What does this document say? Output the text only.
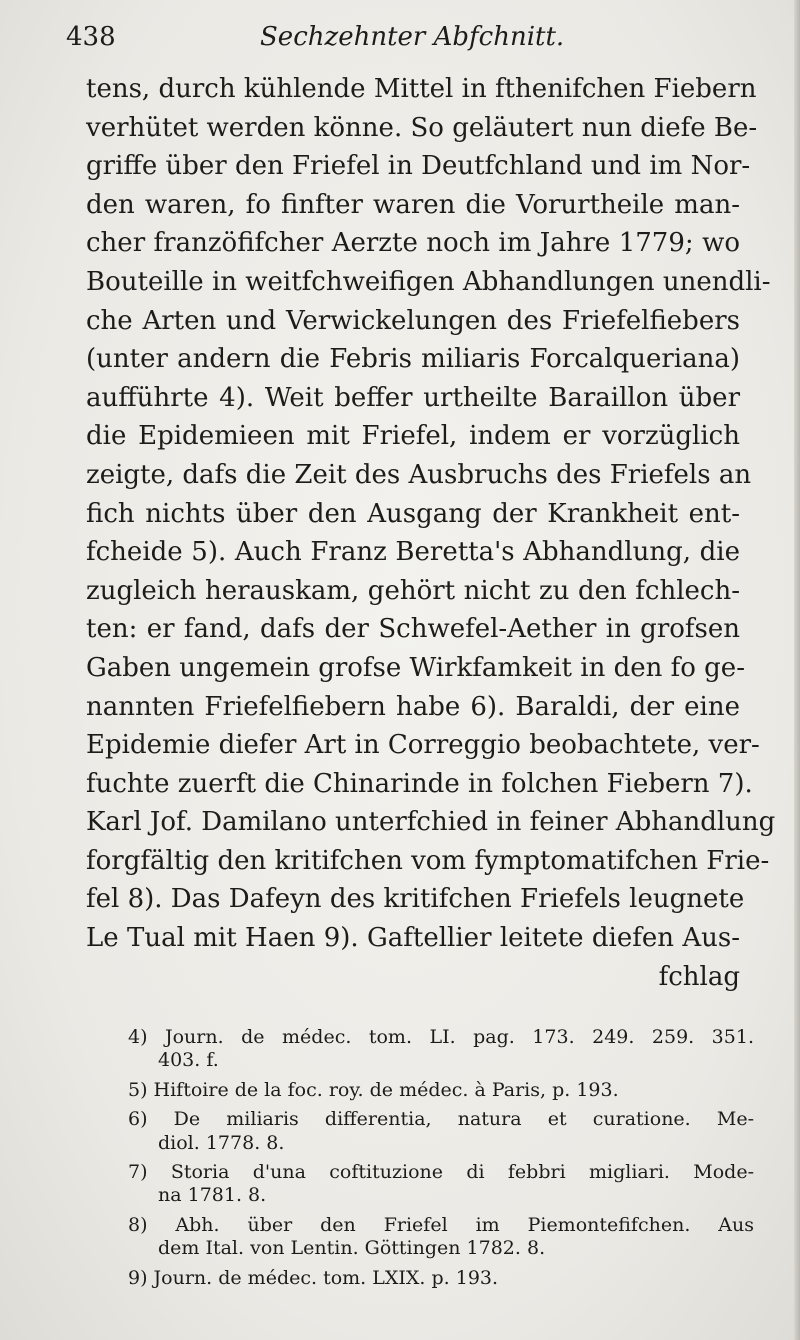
438	Sechzehnter Abfchnitt.
tens, durch kühlende Mittel in fthenifchen Fiebern
verhütet werden könne. So geläutert nun diefe Be-
griffe über den Friefel in Deutfchland und im Nor-
den waren, fo finfter waren die Vorurtheile man-
cher franzöfifcher Aerzte noch im Jahre 1779; wo
Bouteille in weitfchweifigen Abhandlungen unendli-
che Arten und Verwickelungen des Friefelfiebers
(unter andern die Febris miliaris Forcalqueriana)
aufführte 4). Weit beffer urtheilte Baraillon über
die Epidemieen mit Friefel, indem er vorzüglich
zeigte, dafs die Zeit des Ausbruchs des Friefels an
fich nichts über den Ausgang der Krankheit ent-
fcheide 5). Auch Franz Beretta's Abhandlung, die
zugleich herauskam, gehört nicht zu den fchlech-
ten: er fand, dafs der Schwefel-Aether in grofsen
Gaben ungemein grofse Wirkfamkeit in den fo ge-
nannten Friefelfiebern habe 6). Baraldi, der eine
Epidemie diefer Art in Correggio beobachtete, ver-
fuchte zuerft die Chinarinde in folchen Fiebern 7).
Karl Jof. Damilano unterfchied in feiner Abhandlung
forgfältig den kritifchen vom fymptomatifchen Frie-
fel 8). Das Dafeyn des kritifchen Friefels leugnete
Le Tual mit Haen 9). Gaftellier leitete diefen Aus-
fchlag
4) Journ. de médec. tom. LI. pag. 173. 249. 259. 351.
403. f.
5) Hiftoire de la foc. roy. de médec. à Paris, p. 193.
6) De miliaris differentia, natura et curatione. Me-
diol. 1778. 8.
7) Storia d'una coftituzione di febbri migliari. Mode-
na 1781. 8.
8) Abh. über den Friefel im Piemontefifchen. Aus
dem Ital. von Lentin. Göttingen 1782. 8.
9) Journ. de médec. tom. LXIX. p. 193.
